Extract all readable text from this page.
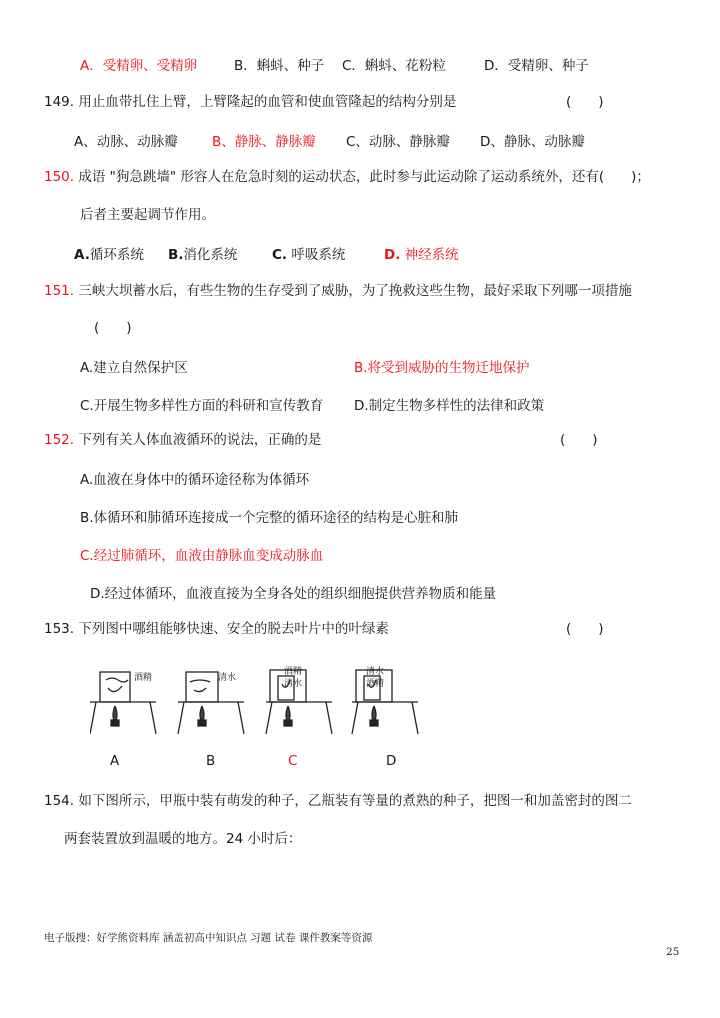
A．受精卵、受精卵	B．蝌蚪、种子 C．蝌蚪、花粉粒	D．受精卵、种子
149. 用止血带扎住上臂，上臂隆起的血管和使血管隆起的结构分别是	(　　)
A、动脉、动脉瓣	B、静脉、静脉瓣 C、动脉、静脉瓣 D、静脉、动脉瓣
150. 成语 "狗急跳墙" 形容人在危急时刻的运动状态，此时参与此运动除了运动系统外，还有(　　)；
后者主要起调节作用。
A.循环系统 B.消化系统	C. 呼吸系统	D. 神经系统
151. 三峡大坝蓄水后，有些生物的生存受到了威胁，为了挽救这些生物，最好采取下列哪一项措施
(　　)
A.建立自然保护区	B.将受到威胁的生物迁地保护
C.开展生物多样性方面的科研和宣传教育 D.制定生物多样性的法律和政策
152. 下列有关人体血液循环的说法，正确的是	(　　)
A.血液在身体中的循环途径称为体循环
B.体循环和肺循环连接成一个完整的循环途径的结构是心脏和肺
C.经过肺循环，血液由静脉血变成动脉血
D.经过体循环，血液直接为全身各处的组织细胞提供营养物质和能量
153. 下列图中哪组能够快速、安全的脱去叶片中的叶绿素	(　　)
酒精	清水
酒精
清水
清水
酒精
A	B	C	D
154. 如下图所示，甲瓶中装有萌发的种子，乙瓶装有等量的煮熟的种子，把图一和加盖密封的图二
两套装置放到温暖的地方。24 小时后：
电子版搜：好学熊资料库 涵盖初高中知识点 习题 试卷 课件教案等资源
25
